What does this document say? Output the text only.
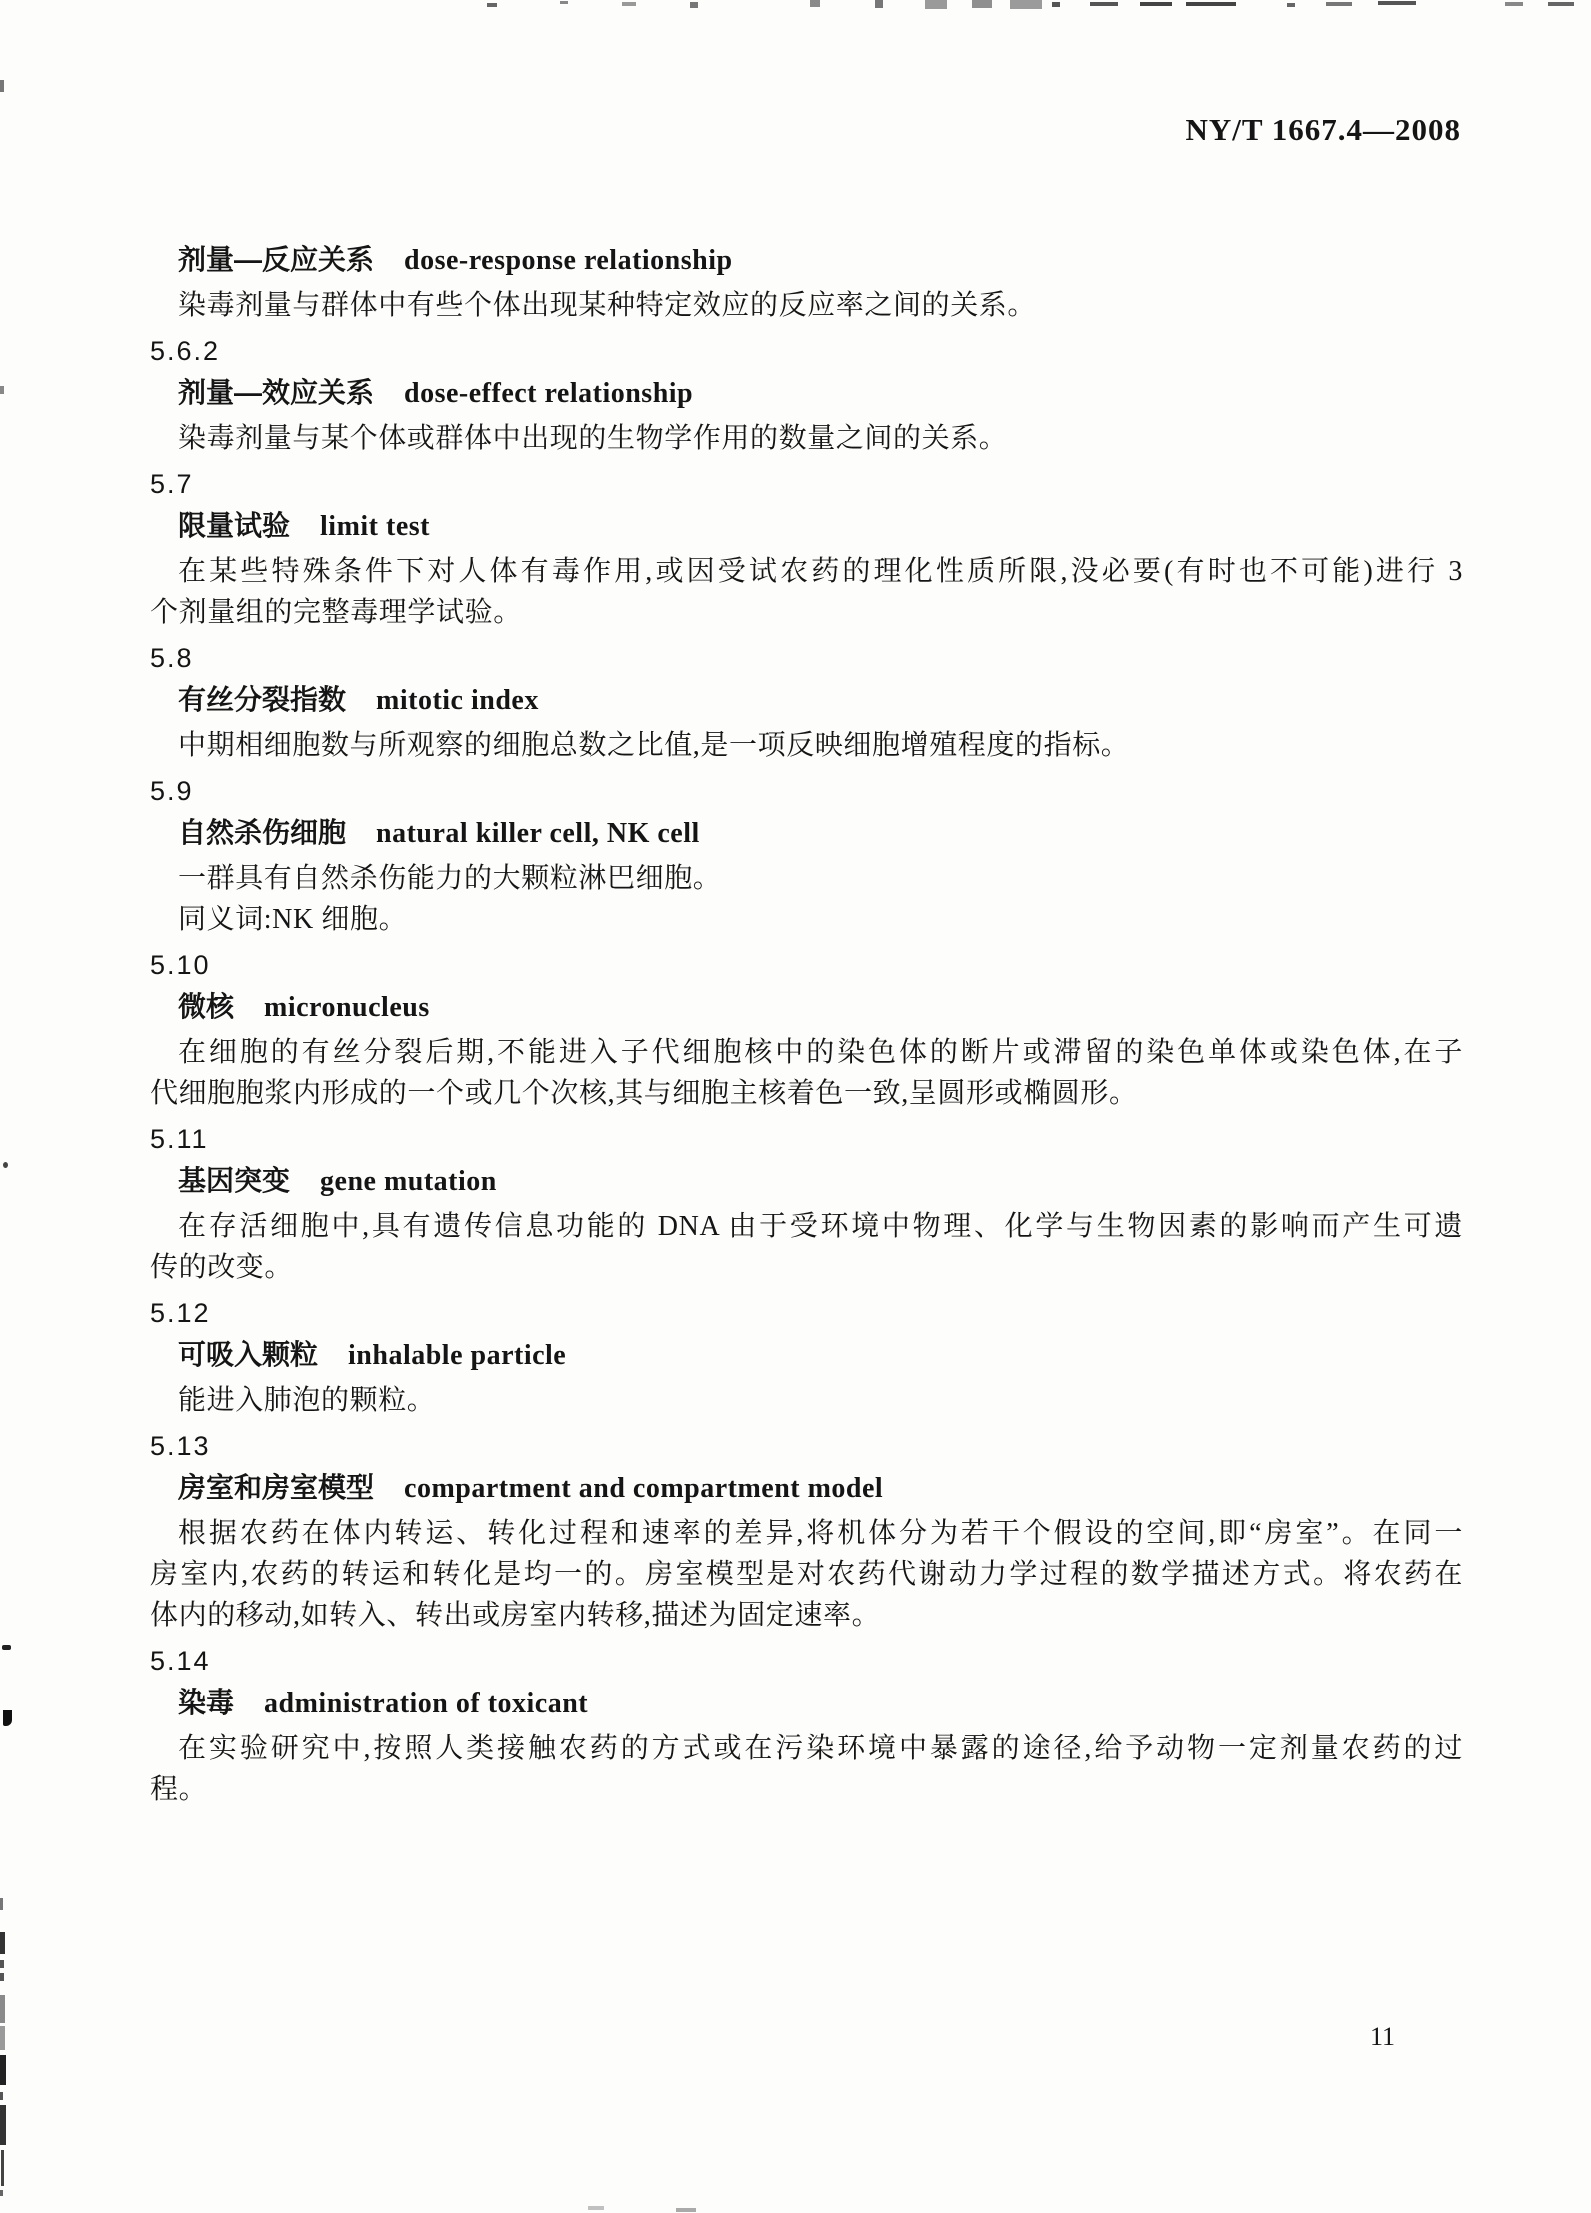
NY/T 1667.4—2008
剂量—反应关系 dose-response relationship
染毒剂量与群体中有些个体出现某种特定效应的反应率之间的关系。
5.6.2
剂量—效应关系 dose-effect relationship
染毒剂量与某个体或群体中出现的生物学作用的数量之间的关系。
5.7
限量试验 limit test
在某些特殊条件下对人体有毒作用,或因受试农药的理化性质所限,没必要(有时也不可能)进行 3
个剂量组的完整毒理学试验。
5.8
有丝分裂指数 mitotic index
中期相细胞数与所观察的细胞总数之比值,是一项反映细胞增殖程度的指标。
5.9
自然杀伤细胞 natural killer cell, NK cell
一群具有自然杀伤能力的大颗粒淋巴细胞。
同义词:NK 细胞。
5.10
微核 micronucleus
在细胞的有丝分裂后期,不能进入子代细胞核中的染色体的断片或滞留的染色单体或染色体,在子
代细胞胞浆内形成的一个或几个次核,其与细胞主核着色一致,呈圆形或椭圆形。
5.11
基因突变 gene mutation
在存活细胞中,具有遗传信息功能的 DNA 由于受环境中物理、化学与生物因素的影响而产生可遗
传的改变。
5.12
可吸入颗粒 inhalable particle
能进入肺泡的颗粒。
5.13
房室和房室模型 compartment and compartment model
根据农药在体内转运、转化过程和速率的差异,将机体分为若干个假设的空间,即“房室”。在同一
房室内,农药的转运和转化是均一的。房室模型是对农药代谢动力学过程的数学描述方式。将农药在
体内的移动,如转入、转出或房室内转移,描述为固定速率。
5.14
染毒 administration of toxicant
在实验研究中,按照人类接触农药的方式或在污染环境中暴露的途径,给予动物一定剂量农药的过
程。
11
